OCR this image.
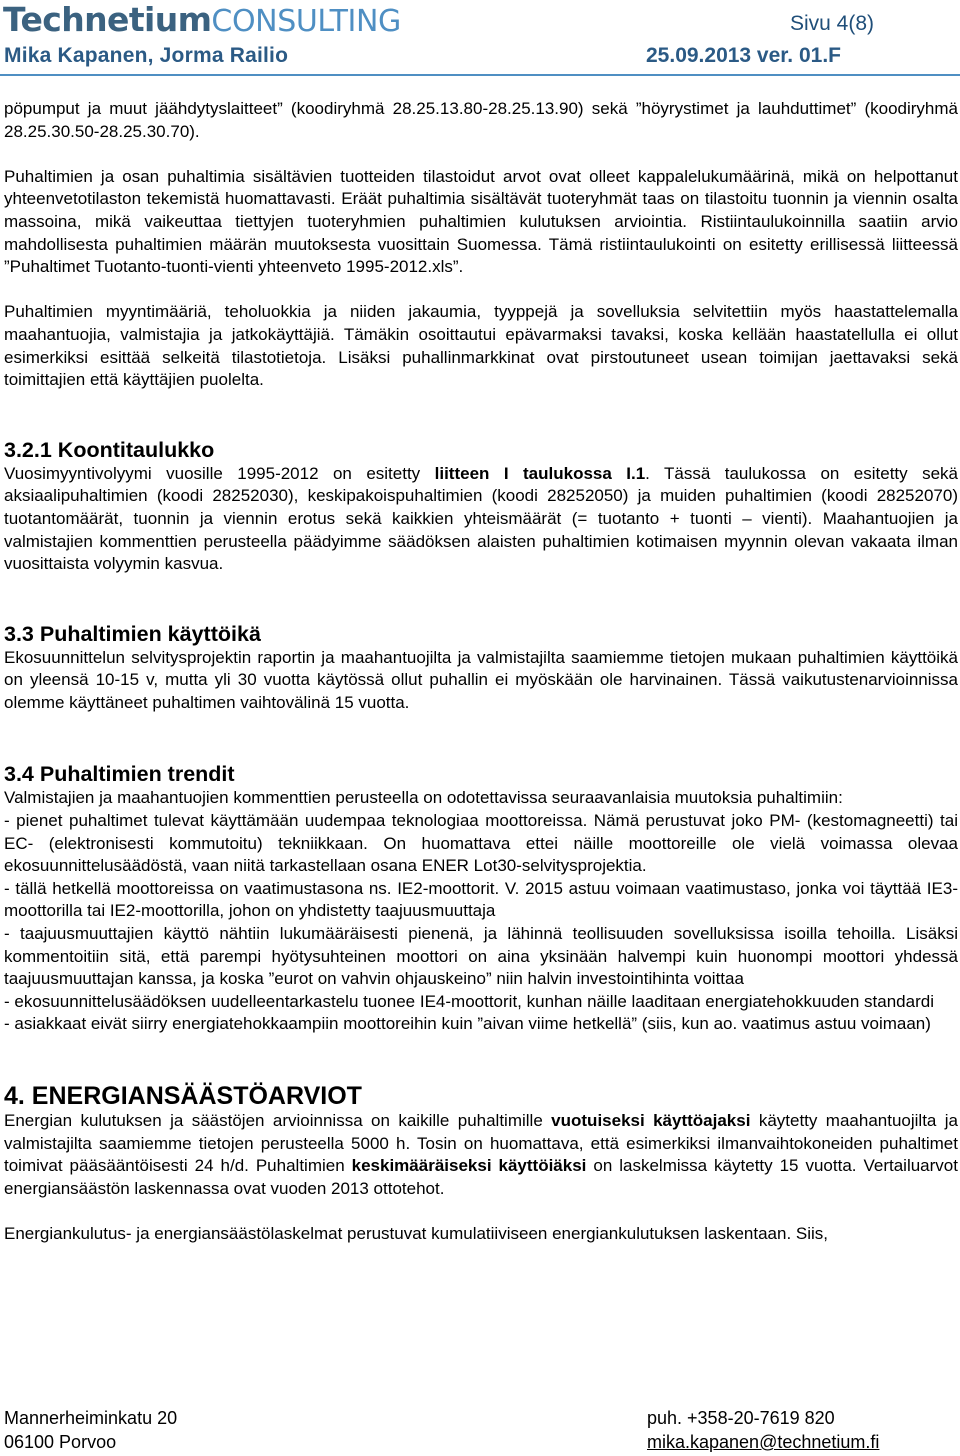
TechnetiumCONSULTING	Sivu 4(8)
Mika Kapanen, Jorma Railio	25.09.2013 ver. 01.F
pöpumput ja muut jäähdytyslaitteet” (koodiryhmä 28.25.13.80-28.25.13.90) sekä ”höyrystimet ja lauhduttimet” (koodiryhmä 28.25.30.50-28.25.30.70).
Puhaltimien ja osan puhaltimia sisältävien tuotteiden tilastoidut arvot ovat olleet kappalelukumäärinä, mikä on helpottanut yhteenvetotilaston tekemistä huomattavasti. Eräät puhaltimia sisältävät tuoteryhmät taas on tilastoitu tuonnin ja viennin osalta massoina, mikä vaikeuttaa tiettyjen tuoteryhmien puhaltimien kulutuksen arviointia. Ristiintaulukoinnilla saatiin arvio mahdollisesta puhaltimien määrän muutoksesta vuosittain Suomessa. Tämä ristiintaulukointi on esitetty erillisessä liitteessä ”Puhaltimet Tuotanto-tuonti-vienti yhteenveto 1995-2012.xls”.
Puhaltimien myyntimääriä, teholuokkia ja niiden jakaumia, tyyppejä ja sovelluksia selvitettiin myös haastattelemalla maahantuojia, valmistajia ja jatkokäyttäjiä. Tämäkin osoittautui epävarmaksi tavaksi, koska kellään haastatellulla ei ollut esimerkiksi esittää selkeitä tilastotietoja. Lisäksi puhallinmarkkinat ovat pirstoutuneet usean toimijan jaettavaksi sekä toimittajien että käyttäjien puolelta.
3.2.1 Koontitaulukko
Vuosimyyntivolyymi vuosille 1995-2012 on esitetty liitteen I taulukossa I.1. Tässä taulukossa on esitetty sekä aksiaalipuhaltimien (koodi 28252030), keskipakoispuhaltimien (koodi 28252050) ja muiden puhaltimien (koodi 28252070) tuotantomäärät, tuonnin ja viennin erotus sekä kaikkien yhteismäärät (= tuotanto + tuonti – vienti). Maahantuojien ja valmistajien kommenttien perusteella päädyimme säädöksen alaisten puhaltimien kotimaisen myynnin olevan vakaata ilman vuosittaista volyymin kasvua.
3.3 Puhaltimien käyttöikä
Ekosuunnittelun selvitysprojektin raportin ja maahantuojilta ja valmistajilta saamiemme tietojen mukaan puhaltimien käyttöikä on yleensä 10-15 v, mutta yli 30 vuotta käytössä ollut puhallin ei myöskään ole harvinainen. Tässä vaikutustenarvioinnissa olemme käyttäneet puhaltimen vaihtovälinä 15 vuotta.
3.4 Puhaltimien trendit
Valmistajien ja maahantuojien kommenttien perusteella on odotettavissa seuraavanlaisia muutoksia puhaltimiin:
- pienet puhaltimet tulevat käyttämään uudempaa teknologiaa moottoreissa. Nämä perustuvat joko PM- (kestomagneetti) tai EC- (elektronisesti kommutoitu) tekniikkaan. On huomattava ettei näille moottoreille ole vielä voimassa olevaa ekosuunnittelusäädöstä, vaan niitä tarkastellaan osana ENER Lot30-selvitysprojektia.
- tällä hetkellä moottoreissa on vaatimustasona ns. IE2-moottorit. V. 2015 astuu voimaan vaatimustaso, jonka voi täyttää IE3-moottorilla tai IE2-moottorilla, johon on yhdistetty taajuusmuuttaja
- taajuusmuuttajien käyttö nähtiin lukumääräisesti pienenä, ja lähinnä teollisuuden sovelluksissa isoilla tehoilla. Lisäksi kommentoitiin sitä, että parempi hyötysuhteinen moottori on aina yksinään halvempi kuin huonompi moottori yhdessä taajuusmuuttajan kanssa, ja koska ”eurot on vahvin ohjauskeino” niin halvin investointihinta voittaa
- ekosuunnittelusäädöksen uudelleentarkastelu tuonee IE4-moottorit, kunhan näille laaditaan energiatehokkuuden standardi
- asiakkaat eivät siirry energiatehokkaampiin moottoreihin kuin ”aivan viime hetkellä” (siis, kun ao. vaatimus astuu voimaan)
4. ENERGIANSÄÄSTÖARVIOT
Energian kulutuksen ja säästöjen arvioinnissa on kaikille puhaltimille vuotuiseksi käyttöajaksi käytetty maahantuojilta ja valmistajilta saamiemme tietojen perusteella 5000 h. Tosin on huomattava, että esimerkiksi ilmanvaihtokoneiden puhaltimet toimivat pääsääntöisesti 24 h/d. Puhaltimien keskimääräiseksi käyttöiäksi on laskelmissa käytetty 15 vuotta. Vertailuarvot energiansäästön laskennassa ovat vuoden 2013 ottotehot.
Energiankulutus- ja energiansäästölaskelmat perustuvat kumulatiiviseen energiankulutuksen laskentaan. Siis,
Mannerheiminkatu 20
06100 Porvoo
puh. +358-20-7619 820
mika.kapanen@technetium.fi
